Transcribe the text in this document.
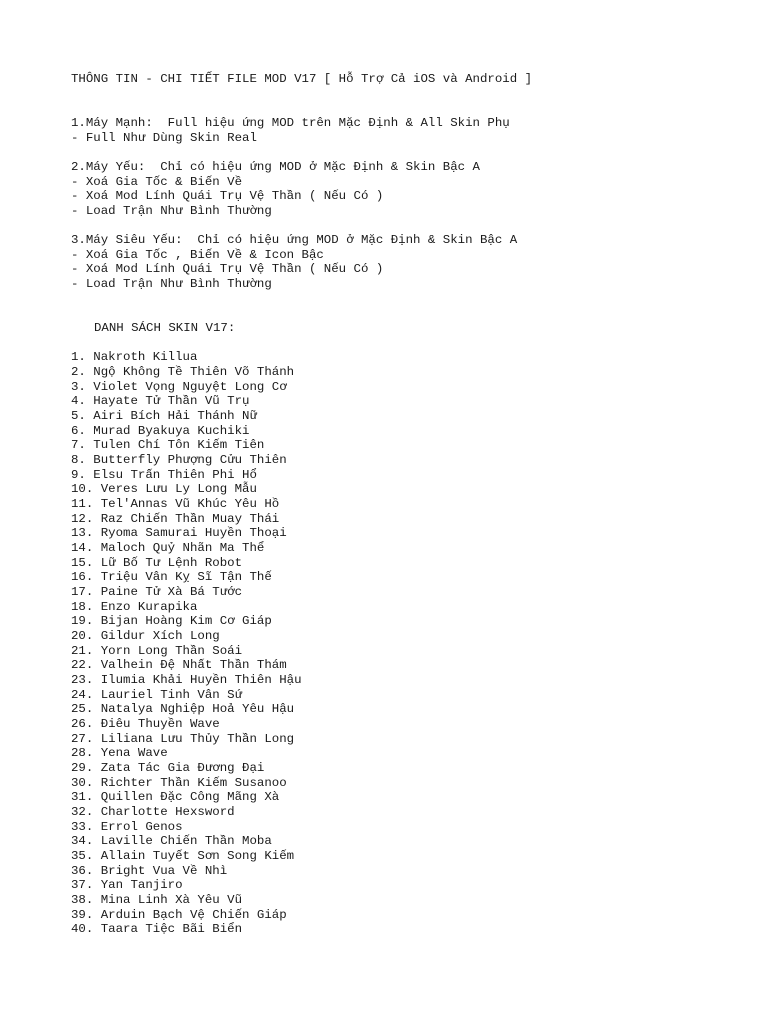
THÔNG TIN - CHI TIẾT FILE MOD V17 [ Hỗ Trợ Cả iOS và Android ]
1.Máy Mạnh:  Full hiệu ứng MOD trên Mặc Định & All Skin Phụ
- Full Như Dùng Skin Real
2.Máy Yếu:  Chỉ có hiệu ứng MOD ở Mặc Định & Skin Bậc A
- Xoá Gia Tốc & Biến Về
- Xoá Mod Lính Quái Trụ Vệ Thần ( Nếu Có )
- Load Trận Như Bình Thường
3.Máy Siêu Yếu:  Chỉ có hiệu ứng MOD ở Mặc Định & Skin Bậc A
- Xoá Gia Tốc , Biến Về & Icon Bậc
- Xoá Mod Lính Quái Trụ Vệ Thần ( Nếu Có )
- Load Trận Như Bình Thường
DANH SÁCH SKIN V17:
1. Nakroth Killua
2. Ngộ Không Tề Thiên Võ Thánh
3. Violet Vọng Nguyệt Long Cơ
4. Hayate Tử Thần Vũ Trụ
5. Airi Bích Hải Thánh Nữ
6. Murad Byakuya Kuchiki
7. Tulen Chí Tôn Kiếm Tiên
8. Butterfly Phượng Cửu Thiên
9. Elsu Trấn Thiên Phi Hổ
10. Veres Lưu Ly Long Mẫu
11. Tel'Annas Vũ Khúc Yêu Hồ
12. Raz Chiến Thần Muay Thái
13. Ryoma Samurai Huyền Thoại
14. Maloch Quỷ Nhãn Ma Thể
15. Lữ Bố Tư Lệnh Robot
16. Triệu Vân Kỵ Sĩ Tận Thế
17. Paine Tử Xà Bá Tước
18. Enzo Kurapika
19. Bijan Hoàng Kim Cơ Giáp
20. Gildur Xích Long
21. Yorn Long Thần Soái
22. Valhein Đệ Nhất Thần Thám
23. Ilumia Khải Huyền Thiên Hậu
24. Lauriel Tinh Vân Sứ
25. Natalya Nghiệp Hoả Yêu Hậu
26. Điêu Thuyền Wave
27. Liliana Lưu Thủy Thần Long
28. Yena Wave
29. Zata Tác Gia Đương Đại
30. Richter Thần Kiếm Susanoo
31. Quillen Đặc Công Mãng Xà
32. Charlotte Hexsword
33. Errol Genos
34. Laville Chiến Thần Moba
35. Allain Tuyết Sơn Song Kiếm
36. Bright Vua Về Nhì
37. Yan Tanjiro
38. Mina Linh Xà Yêu Vũ
39. Arduin Bạch Vệ Chiến Giáp
40. Taara Tiệc Bãi Biển
